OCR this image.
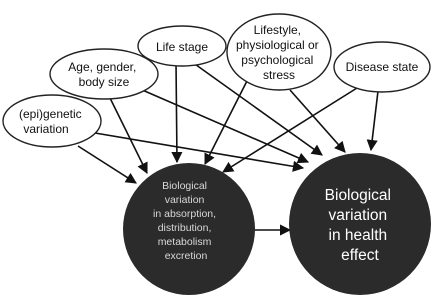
(epi)genetic variation
Age, gender, body size
Life stage
Lifestyle, physiological or psychological stress
Disease state
Biological variation in absorption, distribution, metabolism excretion
Biological variation in health effect
